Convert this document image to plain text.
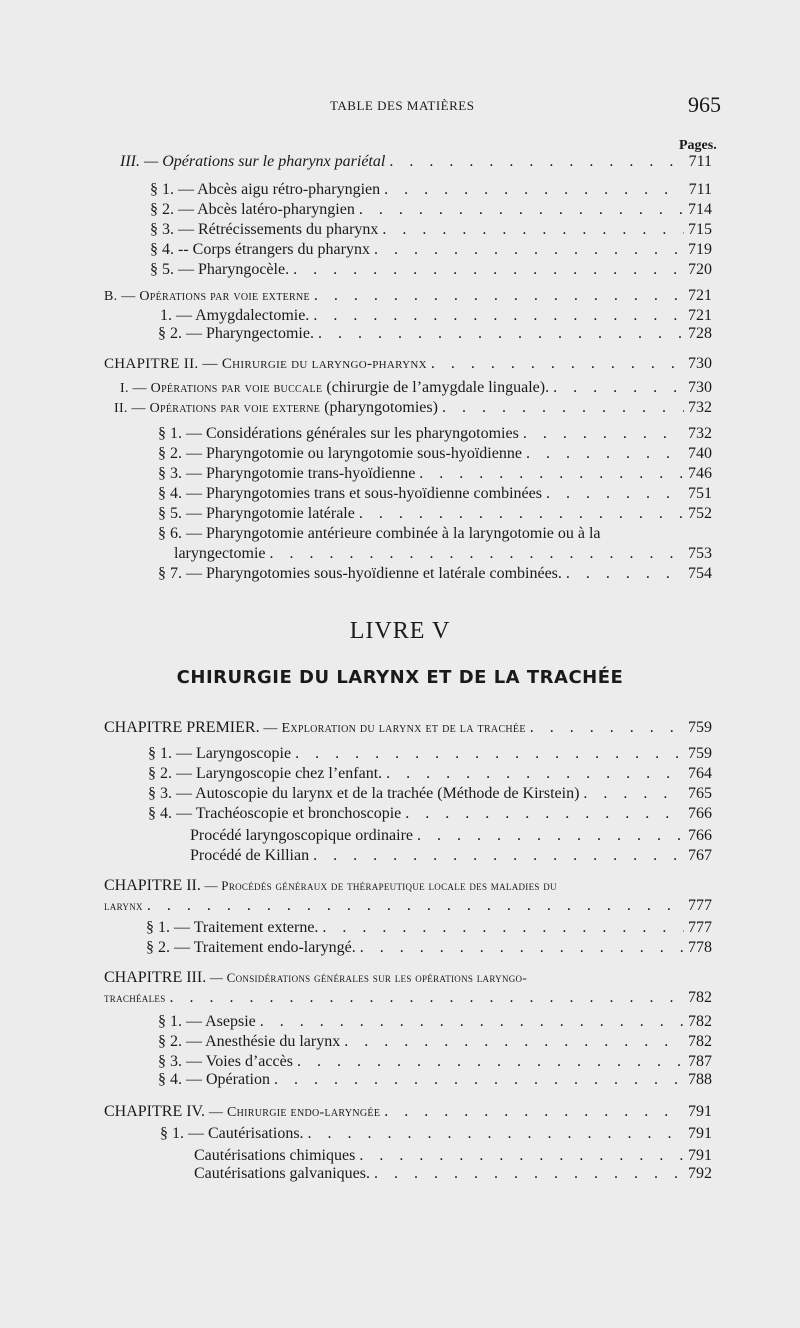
TABLE DES MATIÈRES	965
Pages.
III. — Opérations sur le pharynx pariétal . . .	711
§ 1. — Abcès aigu rétro-pharyngien . . .	711
§ 2. — Abcès latéro-pharyngien . . .	714
§ 3. — Rétrécissements du pharynx . . .	715
§ 4. -- Corps étrangers du pharynx . . .	719
§ 5. — Pharyngocèle. . . .	720
B. — Opérations par voie externe . . .	721
1. — Amygdalectomie. . . .	721
§ 2. — Pharyngectomie. . . .	728
CHAPITRE II. — Chirurgie du laryngo-pharynx . . .	730
I. — Opérations par voie buccale (chirurgie de l’amygdale linguale). . . .	730
II. — Opérations par voie externe (pharyngotomies) . . .	732
§ 1. — Considérations générales sur les pharyngotomies . . .	732
§ 2. — Pharyngotomie ou laryngotomie sous-hyoïdienne . . .	740
§ 3. — Pharyngotomie trans-hyoïdienne . . .	746
§ 4. — Pharyngotomies trans et sous-hyoïdienne combinées . . .	751
§ 5. — Pharyngotomie latérale . . .	752
§ 6. — Pharyngotomie antérieure combinée à la laryngotomie ou à la
laryngectomie . . .	753
§ 7. — Pharyngotomies sous-hyoïdienne et latérale combinées. . . .	754
LIVRE V
CHIRURGIE DU LARYNX ET DE LA TRACHÉE
CHAPITRE PREMIER. — Exploration du larynx et de la trachée . . .	759
§ 1. — Laryngoscopie . . .	759
§ 2. — Laryngoscopie chez l’enfant. . . .	764
§ 3. — Autoscopie du larynx et de la trachée (Méthode de Kirstein) . . .	765
§ 4. — Trachéoscopie et bronchoscopie . . .	766
Procédé laryngoscopique ordinaire . . .	766
Procédé de Killian . . .	767
CHAPITRE II. — Procédés généraux de thérapeutique locale des maladies du
larynx . . .	777
§ 1. — Traitement externe. . . .	777
§ 2. — Traitement endo-laryngé. . . .	778
CHAPITRE III. — Considérations générales sur les opérations laryngo-
trachéales . . .	782
§ 1. — Asepsie . . .	782
§ 2. — Anesthésie du larynx . . .	782
§ 3. — Voies d’accès . . .	787
§ 4. — Opération . . .	788
CHAPITRE IV. — Chirurgie endo-laryngée . . .	791
§ 1. — Cautérisations. . . .	791
Cautérisations chimiques . . .	791
Cautérisations galvaniques. . . .	792
